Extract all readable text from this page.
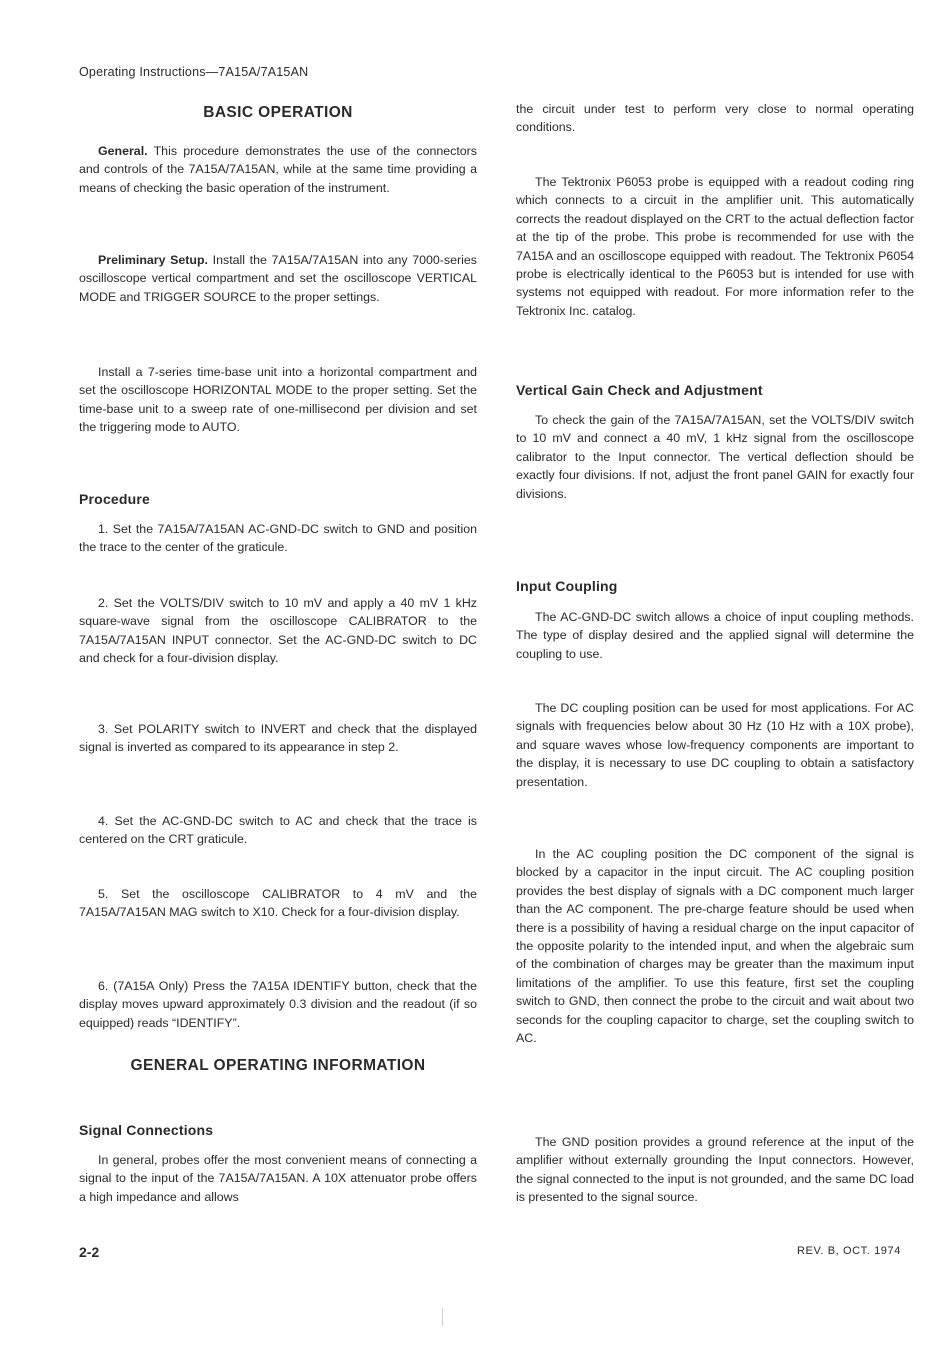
Operating Instructions—7A15A/7A15AN
BASIC OPERATION

General. This procedure demonstrates the use of the connectors and controls of the 7A15A/7A15AN, while at the same time providing a means of checking the basic operation of the instrument.

Preliminary Setup. Install the 7A15A/7A15AN into any 7000-series oscilloscope vertical compartment and set the oscilloscope VERTICAL MODE and TRIGGER SOURCE to the proper settings.

Install a 7-series time-base unit into a horizontal compartment and set the oscilloscope HORIZONTAL MODE to the proper setting. Set the time-base unit to a sweep rate of one-millisecond per division and set the triggering mode to AUTO.

Procedure

1. Set the 7A15A/7A15AN AC-GND-DC switch to GND and position the trace to the center of the graticule.

2. Set the VOLTS/DIV switch to 10 mV and apply a 40 mV 1 kHz square-wave signal from the oscilloscope CALIBRATOR to the 7A15A/7A15AN INPUT connector. Set the AC-GND-DC switch to DC and check for a four-division display.

3. Set POLARITY switch to INVERT and check that the displayed signal is inverted as compared to its appearance in step 2.

4. Set the AC-GND-DC switch to AC and check that the trace is centered on the CRT graticule.

5. Set the oscilloscope CALIBRATOR to 4 mV and the 7A15A/7A15AN MAG switch to X10. Check for a four-division display.

6. (7A15A Only) Press the 7A15A IDENTIFY button, check that the display moves upward approximately 0.3 division and the readout (if so equipped) reads “IDENTIFY”.

GENERAL OPERATING INFORMATION
Signal Connections

In general, probes offer the most convenient means of connecting a signal to the input of the 7A15A/7A15AN. A 10X attenuator probe offers a high impedance and allows

the circuit under test to perform very close to normal operating conditions.

The Tektronix P6053 probe is equipped with a readout coding ring which connects to a circuit in the amplifier unit. This automatically corrects the readout displayed on the CRT to the actual deflection factor at the tip of the probe. This probe is recommended for use with the 7A15A and an oscilloscope equipped with readout. The Tektronix P6054 probe is electrically identical to the P6053 but is intended for use with systems not equipped with readout. For more information refer to the Tektronix Inc. catalog.

Vertical Gain Check and Adjustment

To check the gain of the 7A15A/7A15AN, set the VOLTS/DIV switch to 10 mV and connect a 40 mV, 1 kHz signal from the oscilloscope calibrator to the Input connector. The vertical deflection should be exactly four divisions. If not, adjust the front panel GAIN for exactly four divisions.

Input Coupling

The AC-GND-DC switch allows a choice of input coupling methods. The type of display desired and the applied signal will determine the coupling to use.

The DC coupling position can be used for most applications. For AC signals with frequencies below about 30 Hz (10 Hz with a 10X probe), and square waves whose low-frequency components are important to the display, it is necessary to use DC coupling to obtain a satisfactory presentation.

In the AC coupling position the DC component of the signal is blocked by a capacitor in the input circuit. The AC coupling position provides the best display of signals with a DC component much larger than the AC component. The pre-charge feature should be used when there is a possibility of having a residual charge on the input capacitor of the opposite polarity to the intended input, and when the algebraic sum of the combination of charges may be greater than the maximum input limitations of the amplifier. To use this feature, first set the coupling switch to GND, then connect the probe to the circuit and wait about two seconds for the coupling capacitor to charge, set the coupling switch to AC.

The GND position provides a ground reference at the input of the amplifier without externally grounding the Input connectors. However, the signal connected to the input is not grounded, and the same DC load is presented to the signal source.

2-2	REV. B, OCT. 1974
